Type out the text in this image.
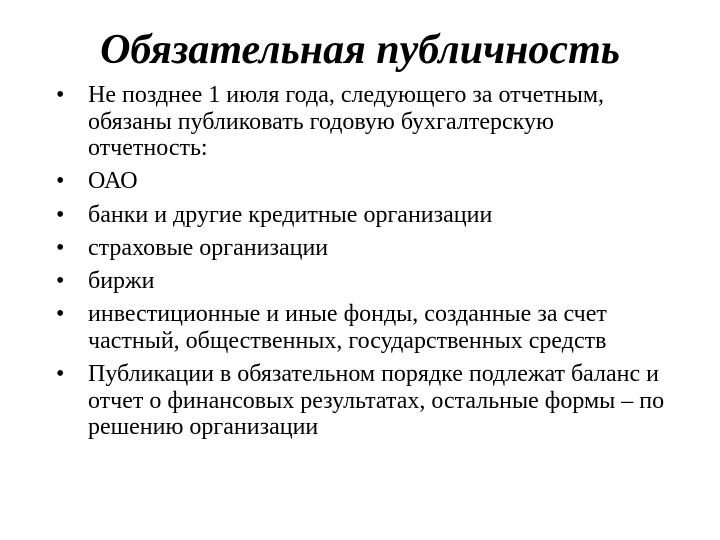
Обязательная публичность
• Не позднее 1 июля года, следующего за отчетным, обязаны публиковать годовую бухгалтерскую отчетность:
• ОАО
• банки и другие кредитные организации
• страховые организации
• биржи
• инвестиционные и иные фонды, созданные за счет частный, общественных, государственных средств
• Публикации в обязательном порядке подлежат баланс и отчет о финансовых результатах, остальные формы – по решению организации
